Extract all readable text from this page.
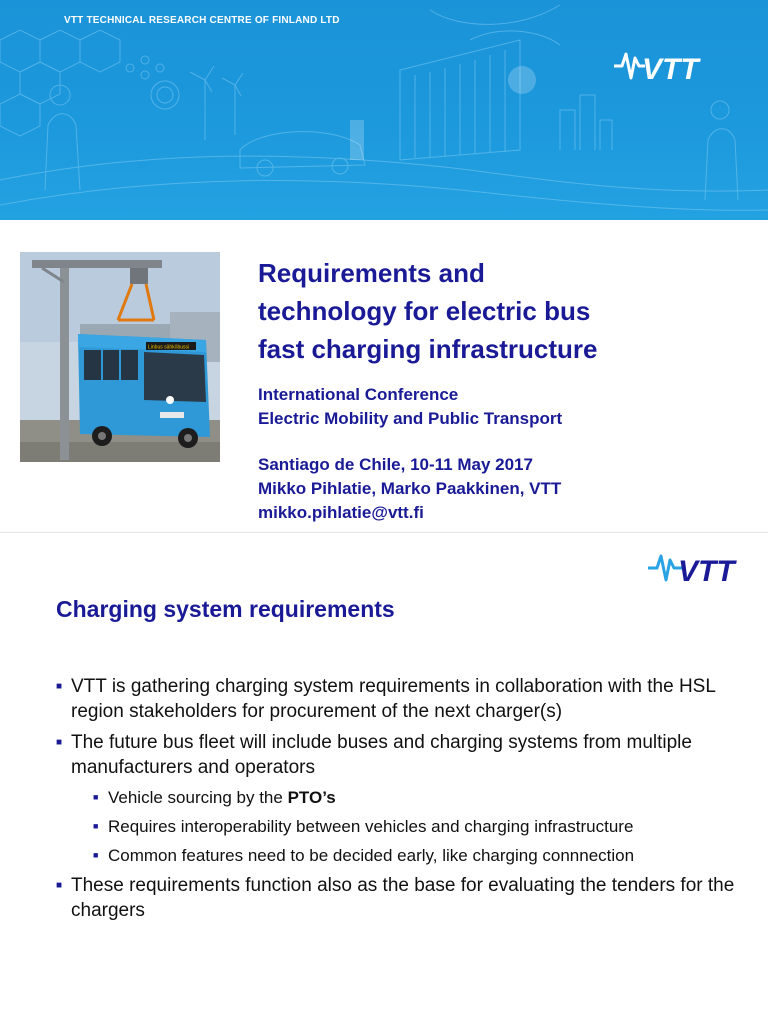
VTT TECHNICAL RESEARCH CENTRE OF FINLAND LTD
VTT
Linbus sähköbussi
Requirements and
technology for electric bus
fast charging infrastructure
International Conference
Electric Mobility and Public Transport
Santiago de Chile, 10-11 May 2017
Mikko Pihlatie, Marko Paakkinen, VTT
mikko.pihlatie@vtt.fi
VTT
Charging system requirements
■ VTT is gathering charging system requirements in collaboration with the HSL region stakeholders for procurement of the next charger(s)
■ The future bus fleet will include buses and charging systems from multiple manufacturers and operators
■ Vehicle sourcing by the PTO’s
■ Requires interoperability between vehicles and charging infrastructure
■ Common features need to be decided early, like charging connnection
■ These requirements function also as the base for evaluating the tenders for the chargers
